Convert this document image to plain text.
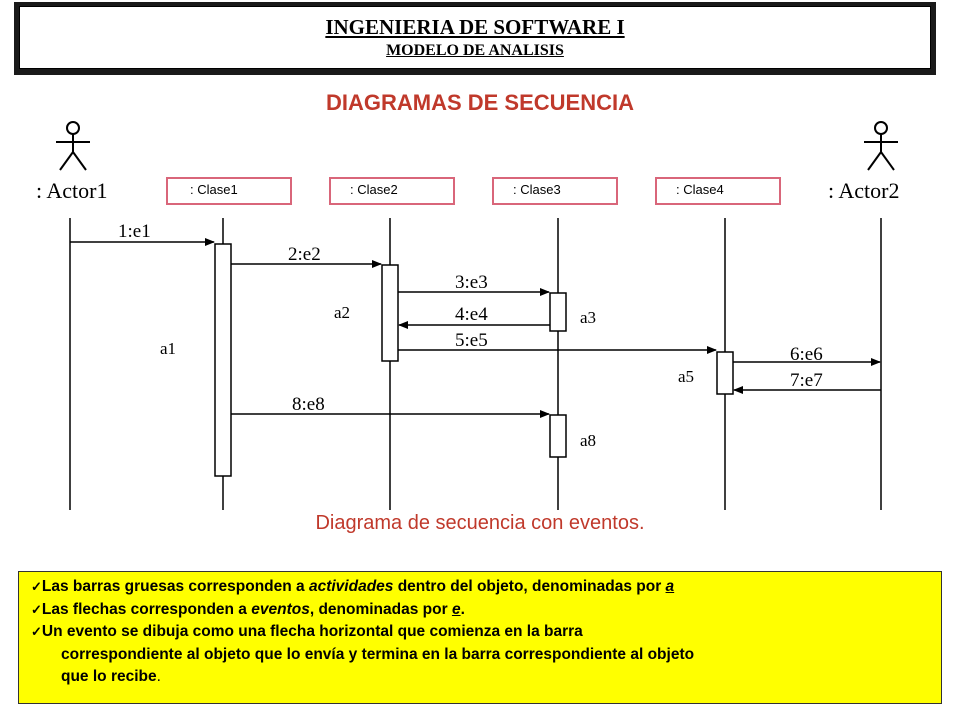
INGENIERIA DE SOFTWARE I
MODELO DE ANALISIS
DIAGRAMAS DE SECUENCIA
: Actor1	: Actor2
: Clase1	: Clase2	: Clase3	: Clase4
a1
a2	a3
a5
a8
1:e1
2:e2
3:e3
4:e4
5:e5
6:e6
7:e7
8:e8
Diagrama de secuencia con eventos.
✓Las barras gruesas corresponden a actividades dentro del objeto, denominadas por a
✓Las flechas corresponden a eventos, denominadas por e.
✓Un evento se dibuja como una flecha horizontal que comienza en la barra
correspondiente al objeto que lo envía y termina en la barra correspondiente al objeto
que lo recibe.
